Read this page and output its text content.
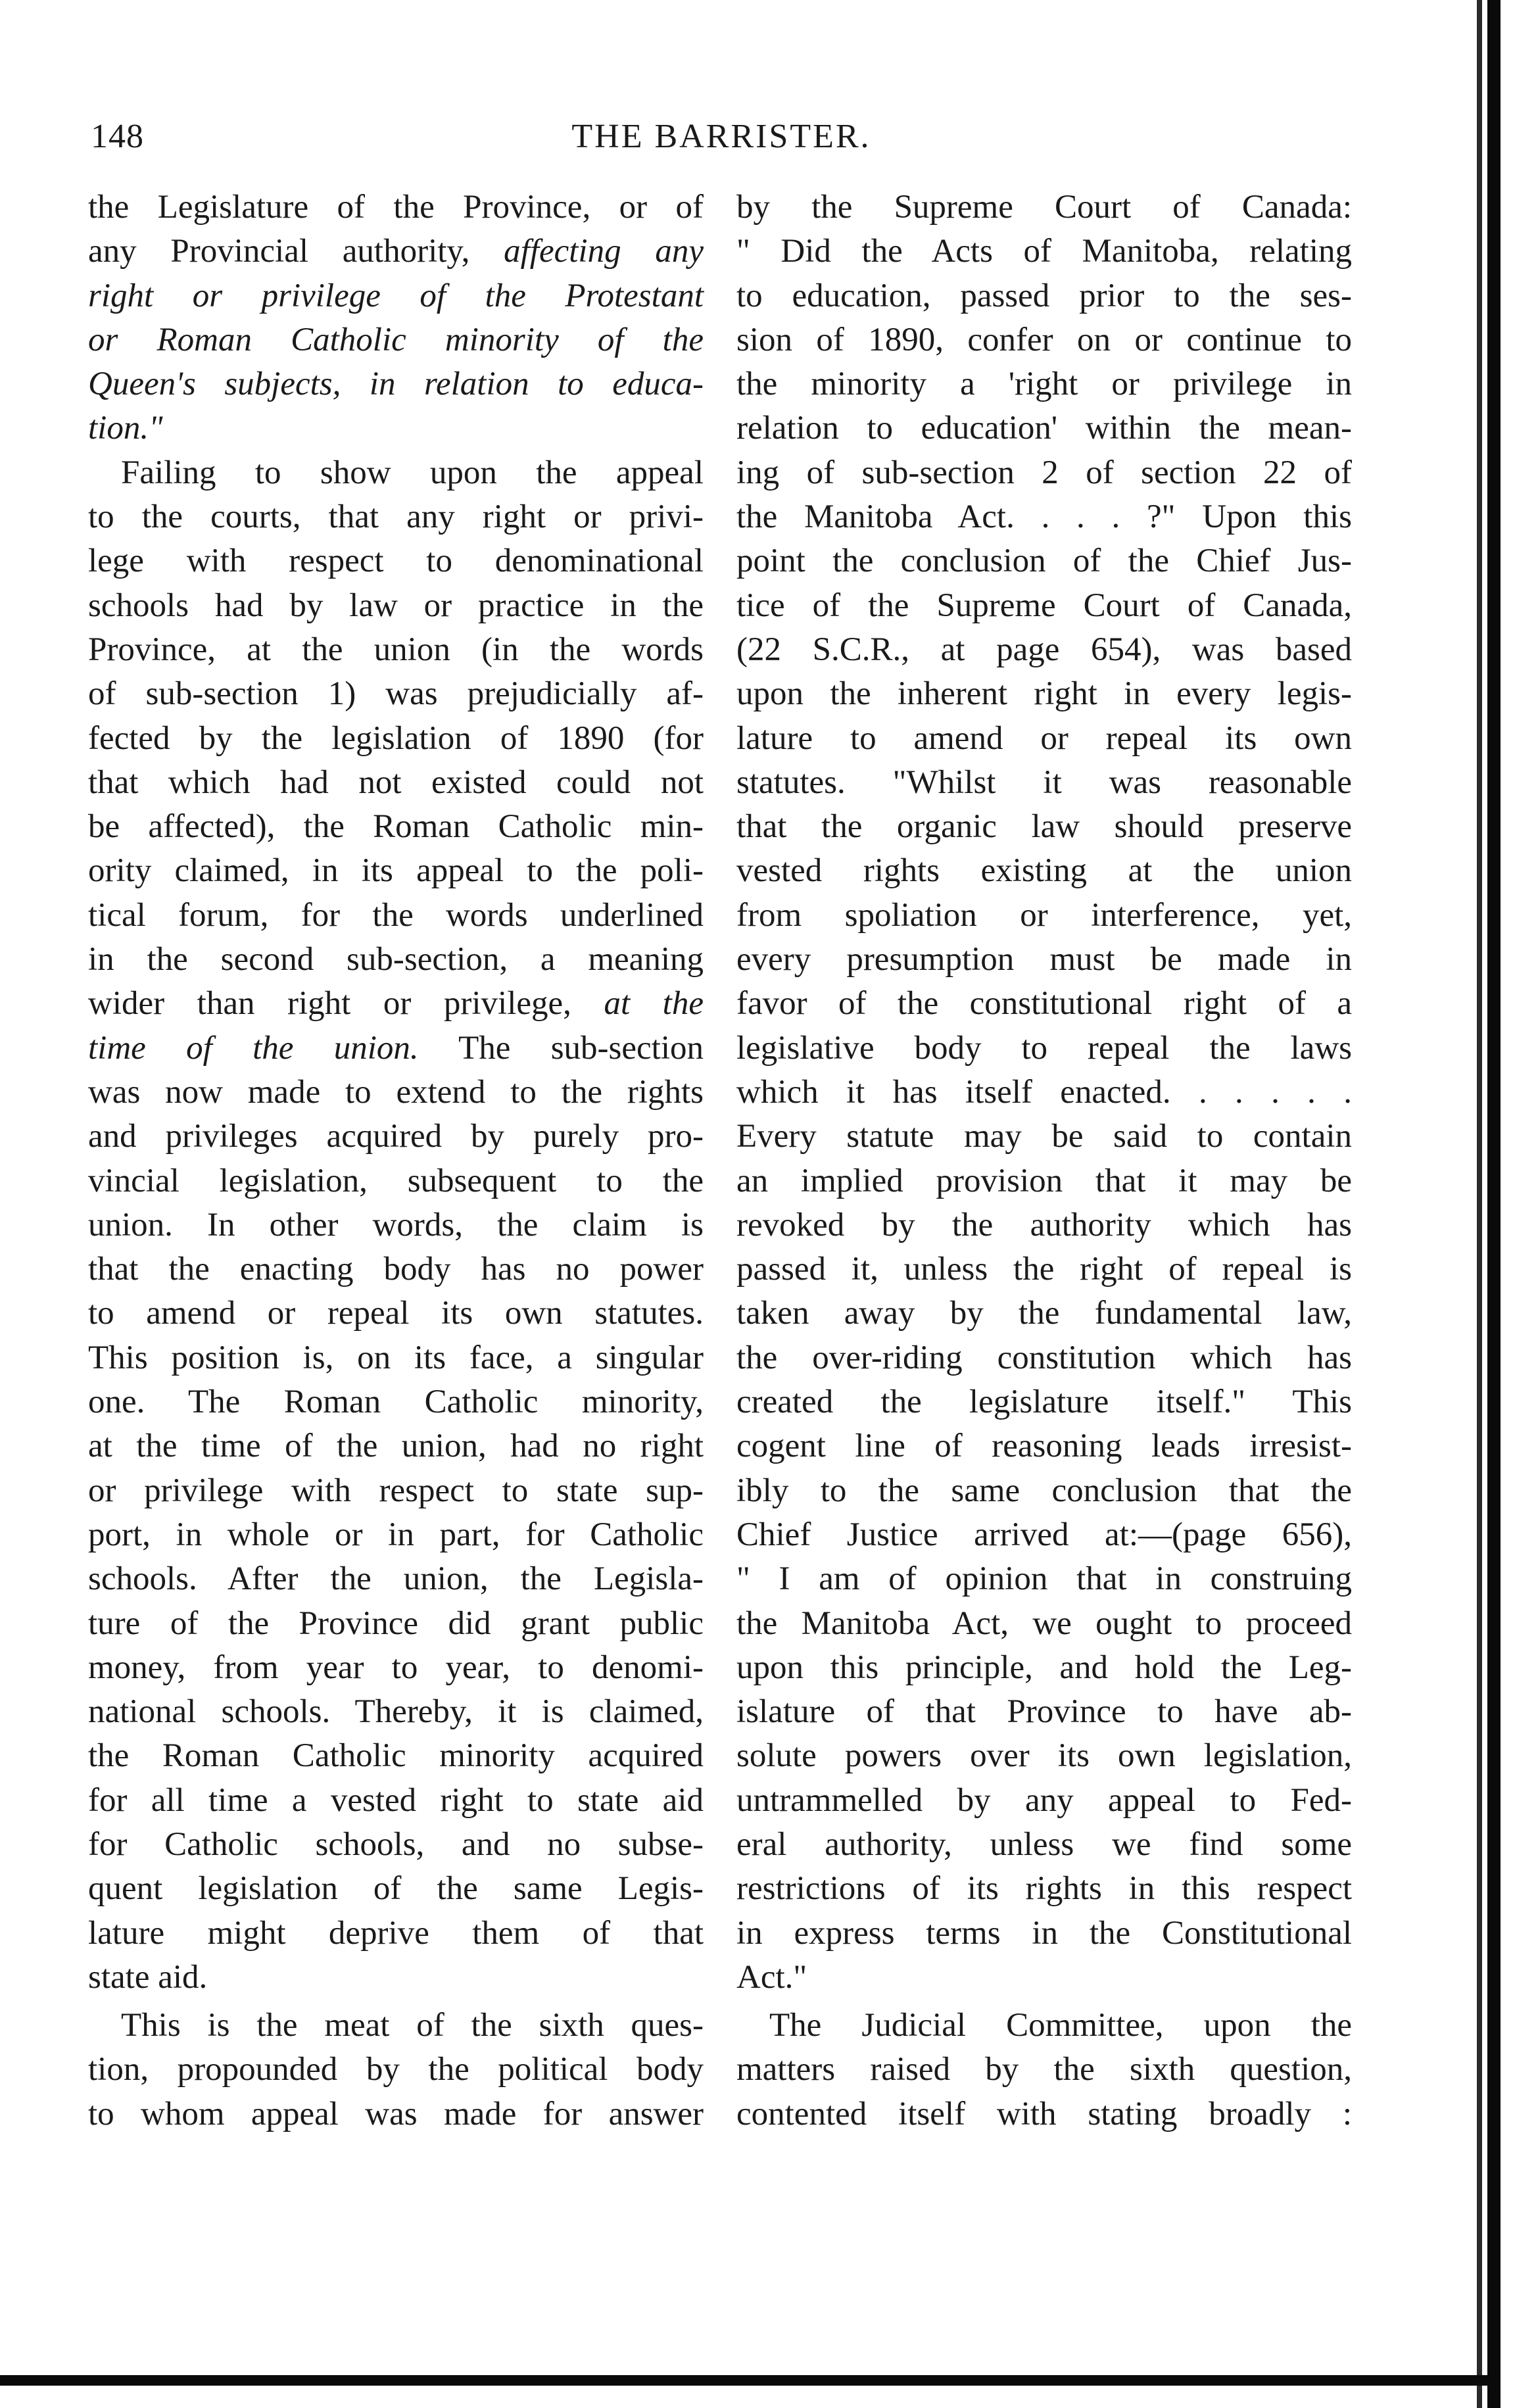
148	THE BARRISTER.
the Legislature of the Province, or of
any Provincial authority, affecting any
right or privilege of the Protestant
or Roman Catholic minority of the
Queen's subjects, in relation to educa-
tion."
Failing to show upon the appeal
to the courts, that any right or privi-
lege with respect to denominational
schools had by law or practice in the
Province, at the union (in the words
of sub-section 1) was prejudicially af-
fected by the legislation of 1890 (for
that which had not existed could not
be affected), the Roman Catholic min-
ority claimed, in its appeal to the poli-
tical forum, for the words underlined
in the second sub-section, a meaning
wider than right or privilege, at the
time of the union. The sub-section
was now made to extend to the rights
and privileges acquired by purely pro-
vincial legislation, subsequent to the
union. In other words, the claim is
that the enacting body has no power
to amend or repeal its own statutes.
This position is, on its face, a singular
one. The Roman Catholic minority,
at the time of the union, had no right
or privilege with respect to state sup-
port, in whole or in part, for Catholic
schools. After the union, the Legisla-
ture of the Province did grant public
money, from year to year, to denomi-
national schools. Thereby, it is claimed,
the Roman Catholic minority acquired
for all time a vested right to state aid
for Catholic schools, and no subse-
quent legislation of the same Legis-
lature might deprive them of that
state aid.
This is the meat of the sixth ques-
tion, propounded by the political body
to whom appeal was made for answer
by the Supreme Court of Canada:
" Did the Acts of Manitoba, relating
to education, passed prior to the ses-
sion of 1890, confer on or continue to
the minority a 'right or privilege in
relation to education' within the mean-
ing of sub-section 2 of section 22 of
the Manitoba Act. . . . ?" Upon this
point the conclusion of the Chief Jus-
tice of the Supreme Court of Canada,
(22 S.C.R., at page 654), was based
upon the inherent right in every legis-
lature to amend or repeal its own
statutes. "Whilst it was reasonable
that the organic law should preserve
vested rights existing at the union
from spoliation or interference, yet,
every presumption must be made in
favor of the constitutional right of a
legislative body to repeal the laws
which it has itself enacted. . . . . .
Every statute may be said to contain
an implied provision that it may be
revoked by the authority which has
passed it, unless the right of repeal is
taken away by the fundamental law,
the over-riding constitution which has
created the legislature itself." This
cogent line of reasoning leads irresist-
ibly to the same conclusion that the
Chief Justice arrived at:—(page 656),
" I am of opinion that in construing
the Manitoba Act, we ought to proceed
upon this principle, and hold the Leg-
islature of that Province to have ab-
solute powers over its own legislation,
untrammelled by any appeal to Fed-
eral authority, unless we find some
restrictions of its rights in this respect
in express terms in the Constitutional
Act."
The Judicial Committee, upon the
matters raised by the sixth question,
contented itself with stating broadly :
